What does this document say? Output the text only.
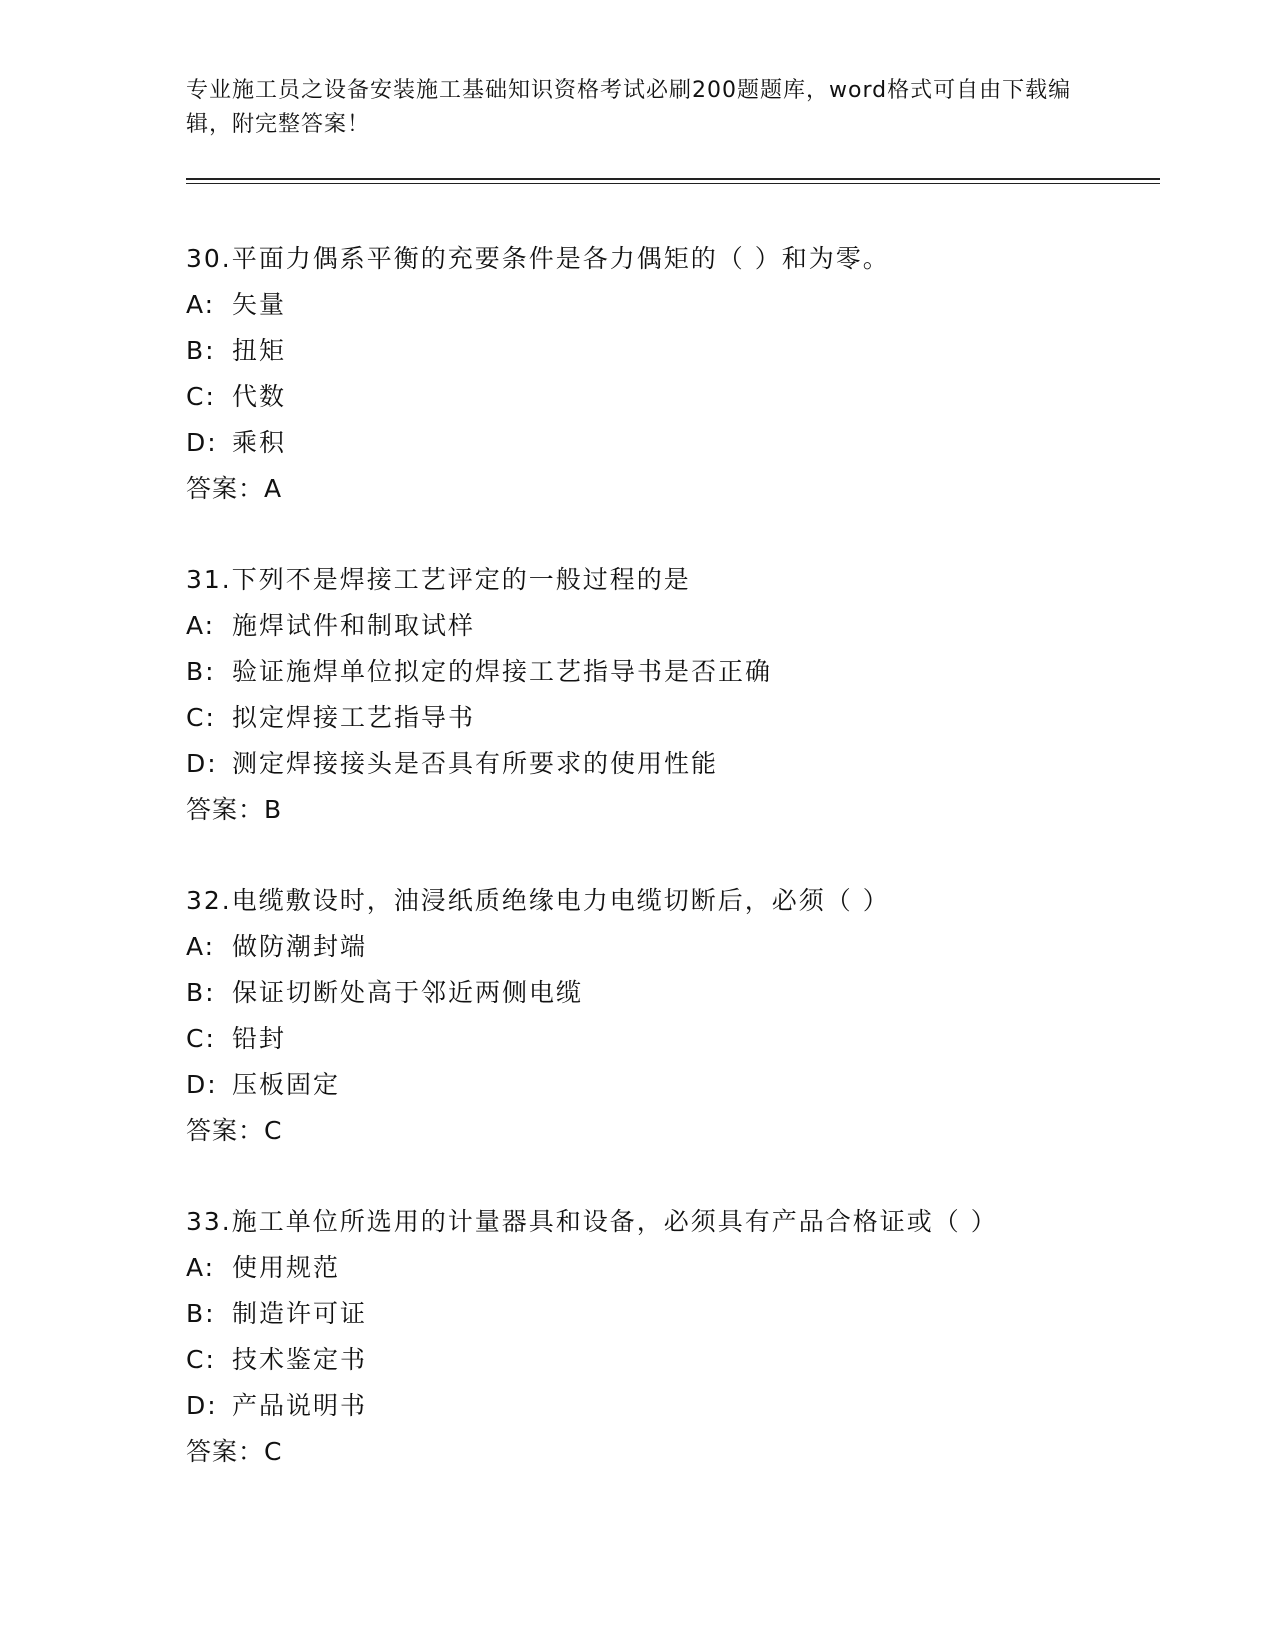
专业施工员之设备安装施工基础知识资格考试必刷200题题库，word格式可自由下载编辑，附完整答案！
30.平面力偶系平衡的充要条件是各力偶矩的（ ）和为零。
A: 矢量
B: 扭矩
C: 代数
D: 乘积
答案：A
31.下列不是焊接工艺评定的一般过程的是
A: 施焊试件和制取试样
B: 验证施焊单位拟定的焊接工艺指导书是否正确
C: 拟定焊接工艺指导书
D: 测定焊接接头是否具有所要求的使用性能
答案：B
32.电缆敷设时，油浸纸质绝缘电力电缆切断后，必须（ ）
A: 做防潮封端
B: 保证切断处高于邻近两侧电缆
C: 铅封
D: 压板固定
答案：C
33.施工单位所选用的计量器具和设备，必须具有产品合格证或（ ）
A: 使用规范
B: 制造许可证
C: 技术鉴定书
D: 产品说明书
答案：C
